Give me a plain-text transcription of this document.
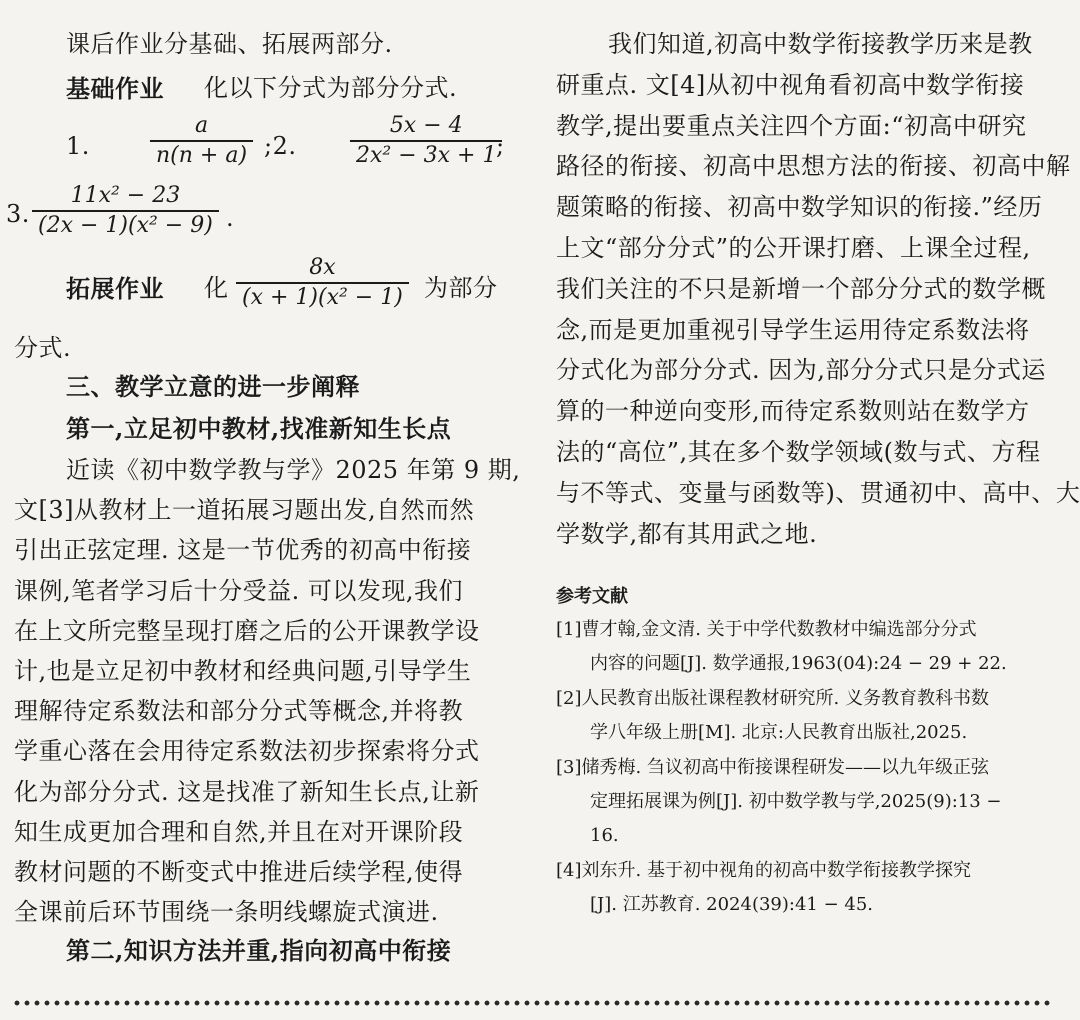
课后作业分基础、拓展两部分.
基础作业 化以下分式为部分分式.
1.	$\frac{a}{n(n + a)}$ ;2. $\frac{5x - 4}{\text{2x² − 3x + 1}}$
;
3. $\frac{\text{11x² − 23}}{\text{(2x − 1)(x² − 9)}}$ .
拓展作业 化 $\frac{8x}{\text{(x + 1)(x² − 1)}}$ 为部分
分式.
三、教学立意的进一步阐释
第一,立足初中教材,找准新知生长点
近读《初中数学教与学》2025 年第 9 期,
文[3]从教材上一道拓展习题出发,自然而然
引出正弦定理. 这是一节优秀的初高中衔接
课例,笔者学习后十分受益. 可以发现,我们
在上文所完整呈现打磨之后的公开课教学设
计,也是立足初中教材和经典问题,引导学生
理解待定系数法和部分分式等概念,并将教
学重心落在会用待定系数法初步探索将分式
化为部分分式. 这是找准了新知生长点,让新
知生成更加合理和自然,并且在对开课阶段
教材问题的不断变式中推进后续学程,使得
全课前后环节围绕一条明线螺旋式演进.
第二,知识方法并重,指向初高中衔接
我们知道,初高中数学衔接教学历来是教
研重点. 文[4]从初中视角看初高中数学衔接
教学,提出要重点关注四个方面:“初高中研究
路径的衔接、初高中思想方法的衔接、初高中解
题策略的衔接、初高中数学知识的衔接.”经历
上文“部分分式”的公开课打磨、上课全过程,
我们关注的不只是新增一个部分分式的数学概
念,而是更加重视引导学生运用待定系数法将
分式化为部分分式. 因为,部分分式只是分式运
算的一种逆向变形,而待定系数则站在数学方
法的“高位”,其在多个数学领域(数与式、方程
与不等式、变量与函数等)、贯通初中、高中、大
学数学,都有其用武之地.
参考文献
[1]曹才翰,金文清. 关于中学代数教材中编选部分分式
内容的问题[J]. 数学通报,1963(04):24 − 29 + 22.
[2]人民教育出版社课程教材研究所. 义务教育教科书数
学八年级上册[M]. 北京:人民教育出版社,2025.
[3]储秀梅. 刍议初高中衔接课程研发——以九年级正弦
定理拓展课为例[J]. 初中数学教与学,2025(9):13 −
16.
[4]刘东升. 基于初中视角的初高中数学衔接教学探究
[J]. 江苏教育. 2024(39):41 − 45.
